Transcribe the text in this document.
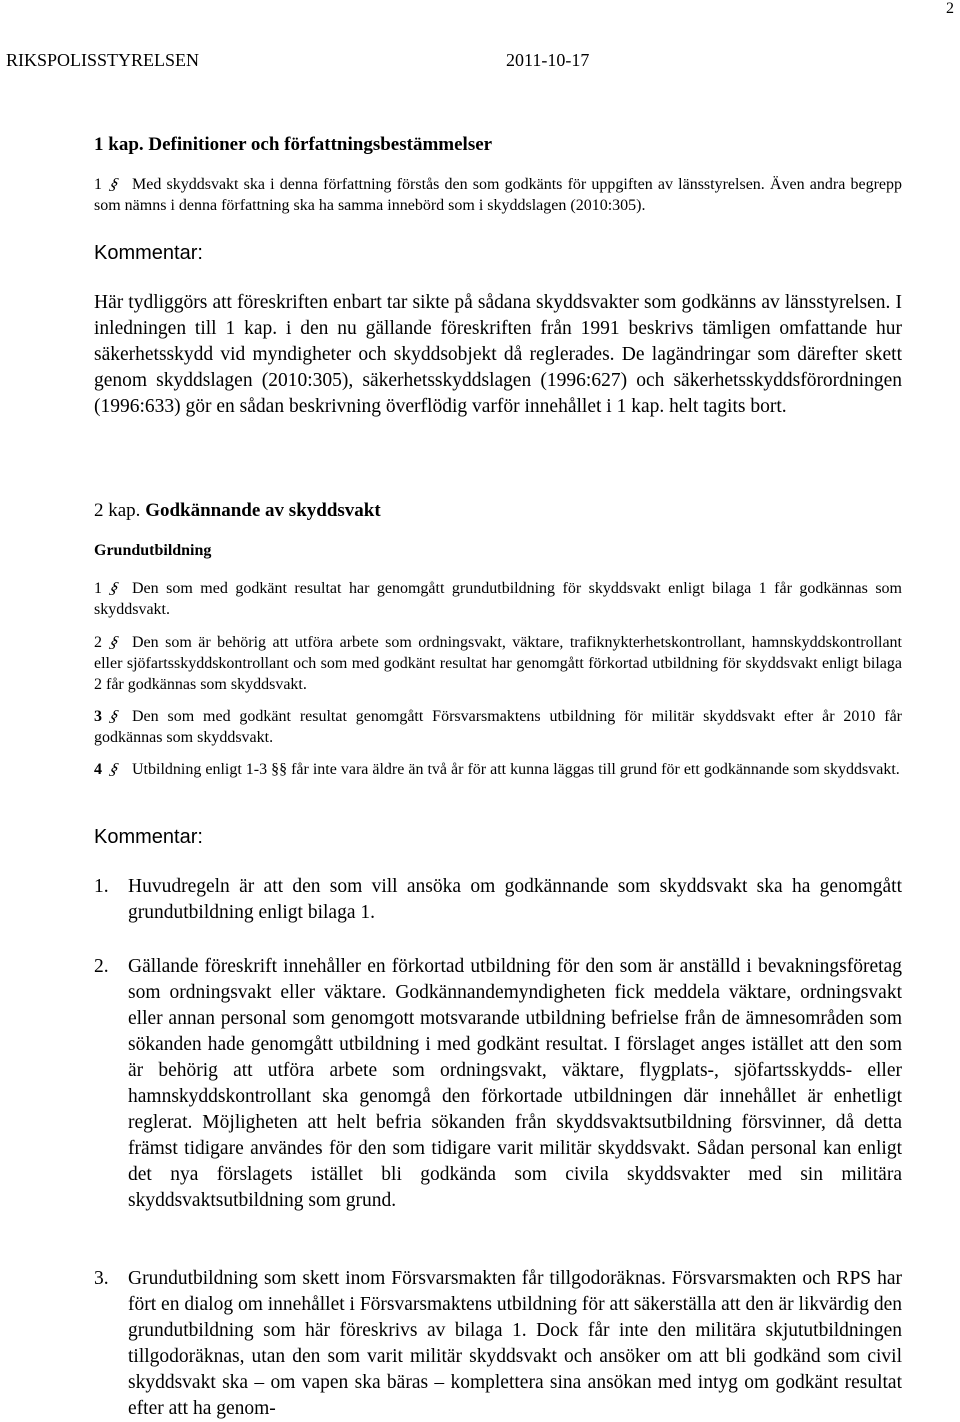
2
RIKSPOLISSTYRELSEN	2011-10-17
1 kap. Definitioner och författningsbestämmelser
1 § Med skyddsvakt ska i denna författning förstås den som godkänts för uppgiften av länsstyrelsen. Även andra begrepp som nämns i denna författning ska ha samma innebörd som i skyddslagen (2010:305).
Kommentar:

Här tydliggörs att föreskriften enbart tar sikte på sådana skyddsvakter som godkänns av länsstyrelsen. I inledningen till 1 kap. i den nu gällande föreskriften från 1991 beskrivs tämligen omfattande hur säkerhetsskydd vid myndigheter och skyddsobjekt då reglerades. De lagändringar som därefter skett genom skyddslagen (2010:305), säkerhetsskyddslagen (1996:627) och säkerhetsskyddsförordningen (1996:633) gör en sådan beskrivning överflödig varför innehållet i 1 kap. helt tagits bort.

2 kap. Godkännande av skyddsvakt
Grundutbildning
1 § Den som med godkänt resultat har genomgått grundutbildning för skyddsvakt enligt bilaga 1 får godkännas som skyddsvakt.
2 § Den som är behörig att utföra arbete som ordningsvakt, väktare, trafiknykterhetskontrollant, hamnskyddskontrollant eller sjöfartsskyddskontrollant och som med godkänt resultat har genomgått förkortad utbildning för skyddsvakt enligt bilaga 2 får godkännas som skyddsvakt.
3 § Den som med godkänt resultat genomgått Försvarsmaktens utbildning för militär skyddsvakt efter år 2010 får godkännas som skyddsvakt.
4 § Utbildning enligt 1-3 §§ får inte vara äldre än två år för att kunna läggas till grund för ett godkännande som skyddsvakt.
Kommentar:
1. Huvudregeln är att den som vill ansöka om godkännande som skyddsvakt ska ha genomgått grundutbildning enligt bilaga 1.
2. Gällande föreskrift innehåller en förkortad utbildning för den som är anställd i bevakningsföretag som ordningsvakt eller väktare. Godkännandemyndigheten fick meddela väktare, ordningsvakt eller annan personal som genomgott motsvarande utbildning befrielse från de ämnesområden som sökanden hade genomgått utbildning i med godkänt resultat. I förslaget anges istället att den som är behörig att utföra arbete som ordningsvakt, väktare, flygplats-, sjöfartsskydds- eller hamnskyddskontrollant ska genomgå den förkortade utbildningen där innehållet är enhetligt reglerat. Möjligheten att helt befria sökanden från skyddsvaktsutbildning försvinner, då detta främst tidigare användes för den som tidigare varit militär skyddsvakt. Sådan personal kan enligt det nya förslagets istället bli godkända som civila skyddsvakter med sin militära skyddsvaktsutbildning som grund.
3. Grundutbildning som skett inom Försvarsmakten får tillgodoräknas. Försvarsmakten och RPS har fört en dialog om innehållet i Försvarsmaktens utbildning för att säkerställa att den är likvärdig den grundutbildning som här föreskrivs av bilaga 1. Dock får inte den militära skjututbildningen tillgodoräknas, utan den som varit militär skyddsvakt och ansöker om att bli godkänd som civil skyddsvakt ska – om vapen ska bäras – komplettera sina ansökan med intyg om godkänt resultat efter att ha genom-
